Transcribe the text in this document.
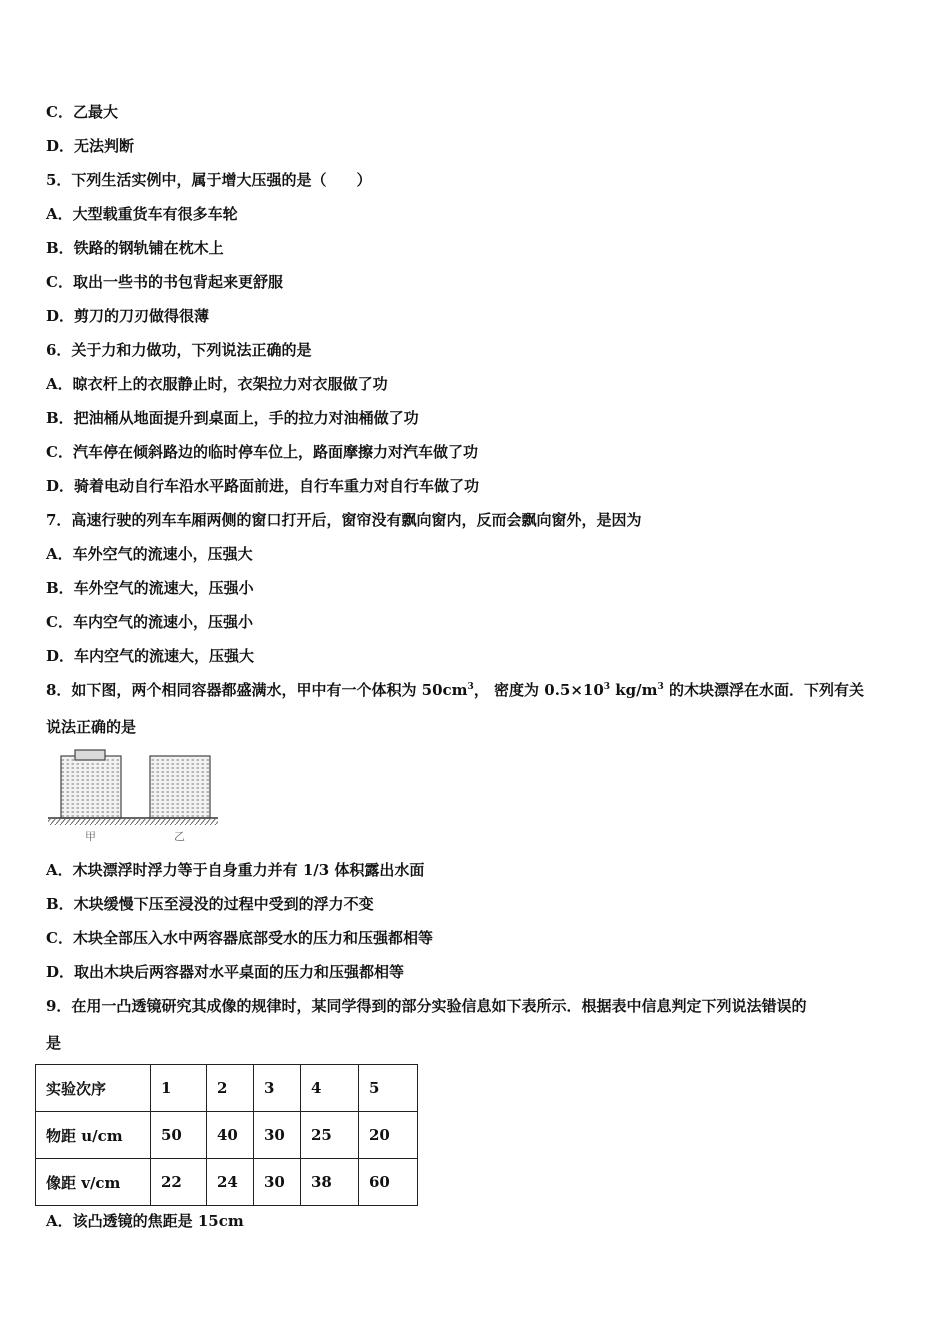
C．乙最大
D．无法判断
5．下列生活实例中，属于增大压强的是（　　）
A．大型载重货车有很多车轮
B．铁路的钢轨铺在枕木上
C．取出一些书的书包背起来更舒服
D．剪刀的刀刃做得很薄
6．关于力和力做功，下列说法正确的是
A．晾衣杆上的衣服静止时，衣架拉力对衣服做了功
B．把油桶从地面提升到桌面上，手的拉力对油桶做了功
C．汽车停在倾斜路边的临时停车位上，路面摩擦力对汽车做了功
D．骑着电动自行车沿水平路面前进，自行车重力对自行车做了功
7．高速行驶的列车车厢两侧的窗口打开后，窗帘没有飘向窗内，反而会飘向窗外，是因为
A．车外空气的流速小，压强大
B．车外空气的流速大，压强小
C．车内空气的流速小，压强小
D．车内空气的流速大，压强大
8．如下图，两个相同容器都盛满水，甲中有一个体积为 $50cm^3$， 密度为 $0.5\times 10^3$ $kg/m^3$ 的木块漂浮在水面．下列有关
说法正确的是
甲	乙
A．木块漂浮时浮力等于自身重力并有 1/3 体积露出水面
B．木块缓慢下压至浸没的过程中受到的浮力不变
C．木块全部压入水中两容器底部受水的压力和压强都相等
D．取出木块后两容器对水平桌面的压力和压强都相等
9．在用一凸透镜研究其成像的规律时，某同学得到的部分实验信息如下表所示．根据表中信息判定下列说法错误的
是
实验次序	1	2	3	4	5
物距 u/cm	50	40	30	25	20
像距 v/cm	22	24	30	38	60
A．该凸透镜的焦距是 15cm
